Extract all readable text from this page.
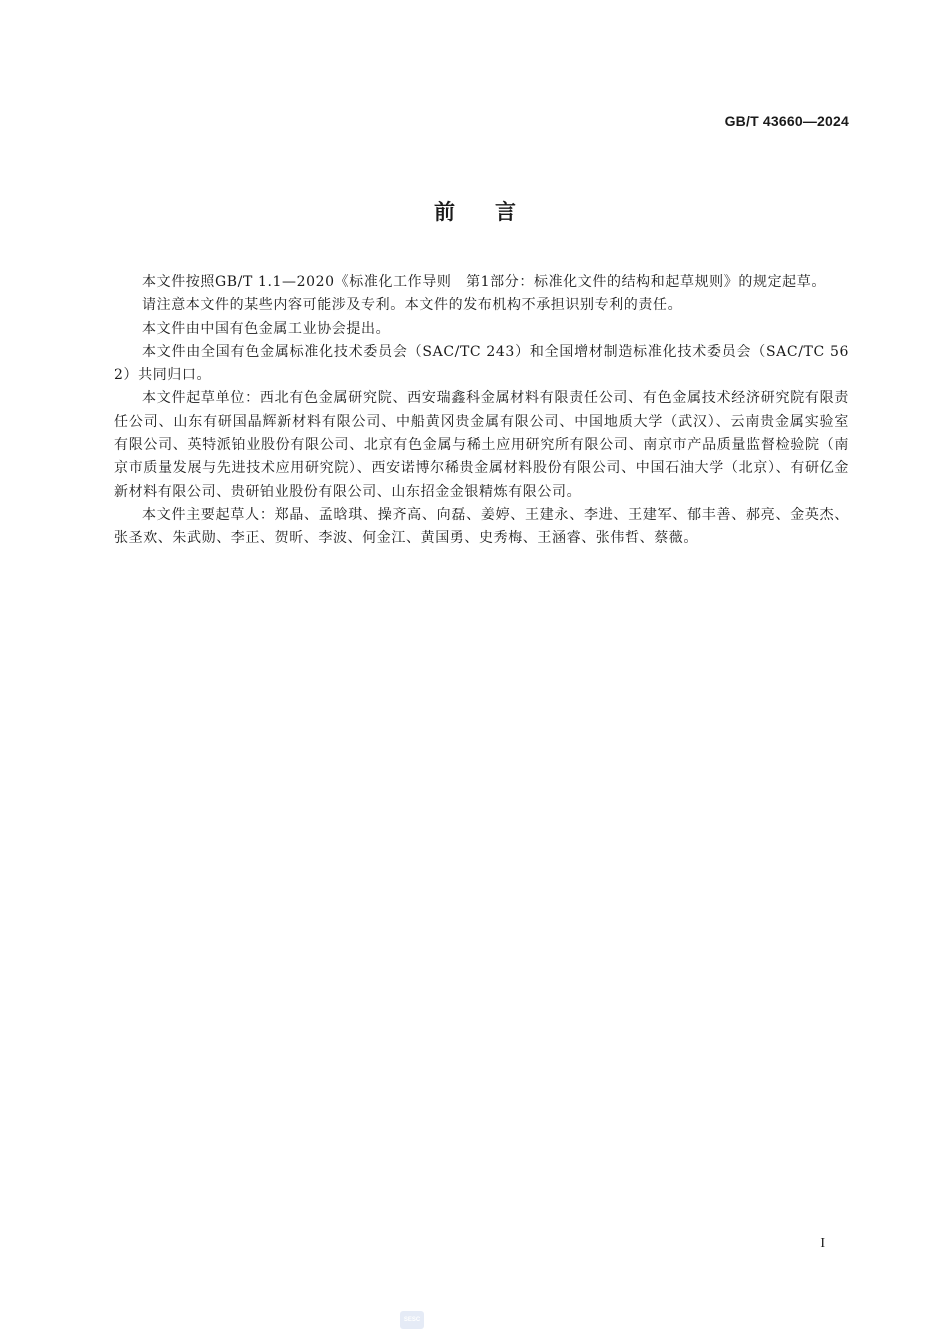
GB/T 43660—2024
前言

本文件按照GB/T 1.1—2020《标准化工作导则　第1部分：标准化文件的结构和起草规则》的规定起草。

请注意本文件的某些内容可能涉及专利。本文件的发布机构不承担识别专利的责任。

本文件由中国有色金属工业协会提出。

本文件由全国有色金属标准化技术委员会（SAC/TC 243）和全国增材制造标准化技术委员会（SAC/TC 562）共同归口。

本文件起草单位：西北有色金属研究院、西安瑞鑫科金属材料有限责任公司、有色金属技术经济研究院有限责任公司、山东有研国晶辉新材料有限公司、中船黄冈贵金属有限公司、中国地质大学（武汉）、云南贵金属实验室有限公司、英特派铂业股份有限公司、北京有色金属与稀土应用研究所有限公司、南京市产品质量监督检验院（南京市质量发展与先进技术应用研究院）、西安诺博尔稀贵金属材料股份有限公司、中国石油大学（北京）、有研亿金新材料有限公司、贵研铂业股份有限公司、山东招金金银精炼有限公司。

本文件主要起草人：郑晶、孟晗琪、操齐高、向磊、姜婷、王建永、李进、王建军、郁丰善、郝亮、金英杰、张圣欢、朱武勋、李正、贺昕、李波、何金江、黄国勇、史秀梅、王涵睿、张伟哲、蔡薇。

I
SESC
